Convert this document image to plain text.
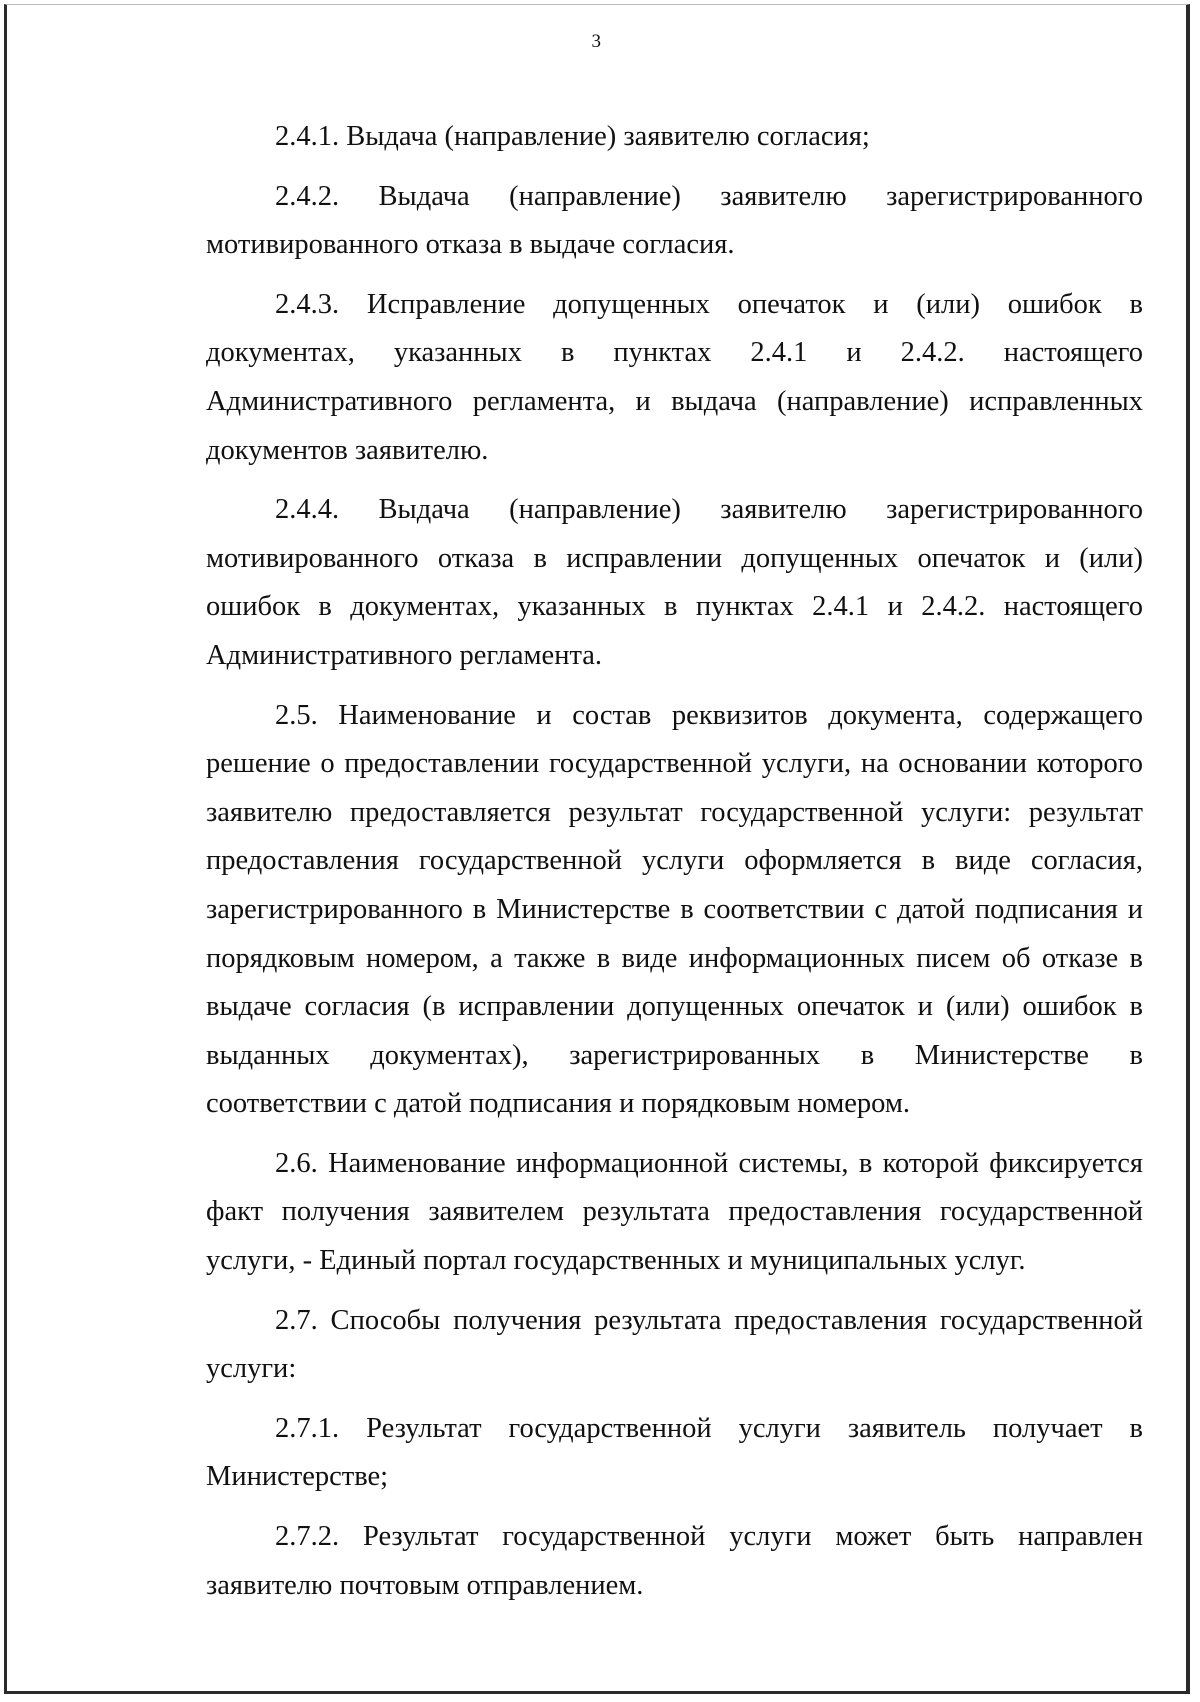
3

2.4.1. Выдача (направление) заявителю согласия;

2.4.2. Выдача (направление) заявителю зарегистрированного мотивированного отказа в выдаче согласия.

2.4.3. Исправление допущенных опечаток и (или) ошибок в документах, указанных в пунктах 2.4.1 и 2.4.2. настоящего Административного регламента, и выдача (направление) исправленных документов заявителю.

2.4.4. Выдача (направление) заявителю зарегистрированного мотивированного отказа в исправлении допущенных опечаток и (или) ошибок в документах, указанных в пунктах 2.4.1 и 2.4.2. настоящего Административного регламента.

2.5. Наименование и состав реквизитов документа, содержащего решение о предоставлении государственной услуги, на основании которого заявителю предоставляется результат государственной услуги: результат предоставления государственной услуги оформляется в виде согласия, зарегистрированного в Министерстве в соответствии с датой подписания и порядковым номером, а также в виде информационных писем об отказе в выдаче согласия (в исправлении допущенных опечаток и (или) ошибок в выданных документах), зарегистрированных в Министерстве в соответствии с датой подписания и порядковым номером.

2.6. Наименование информационной системы, в которой фиксируется факт получения заявителем результата предоставления государственной услуги, - Единый портал государственных и муниципальных услуг.

2.7. Способы получения результата предоставления государственной услуги:

2.7.1. Результат государственной услуги заявитель получает в Министерстве;

2.7.2. Результат государственной услуги может быть направлен заявителю почтовым отправлением.
